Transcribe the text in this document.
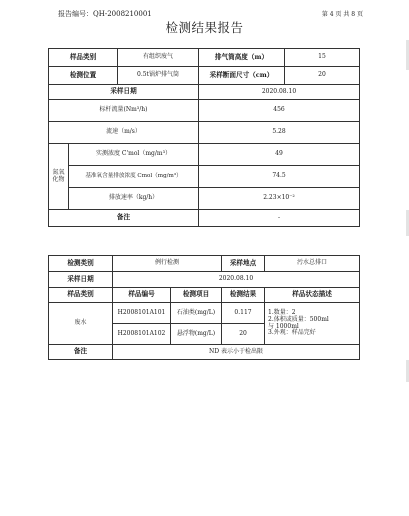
报告编号：QH-2008210001	第 4 页 共 8 页
检测结果报告
样品类别		有组织废气	排气筒高度（m）	15
检测位置		0.5t锅炉排气筒	采样断面尺寸（cm）	20
采样日期			2020.08.10	
标杆流量(Nm³/h)			456	
流速（m/s）			5.28	
氮氧化物	实测浓度 C'mol（mg/m³）		49	
	基准氧含量排放浓度 Cmol（mg/m³）		74.5	
	排放速率（kg/h）		2.23×10⁻²	
备注			-	
检测类别	例行检测		采样地点	污水总排口
采样日期	2020.08.10			
样品类别	样品编号	检测项目	检测结果	样品状态描述
废水	H2008101A101	石油类(mg/L)	0.117	1.数量：2
2.体积或质量：500ml
与 1000ml
3.外观：样品完好

	H2008101A102	悬浮物(mg/L)	20	
备注	ND 表示小于检出限			
